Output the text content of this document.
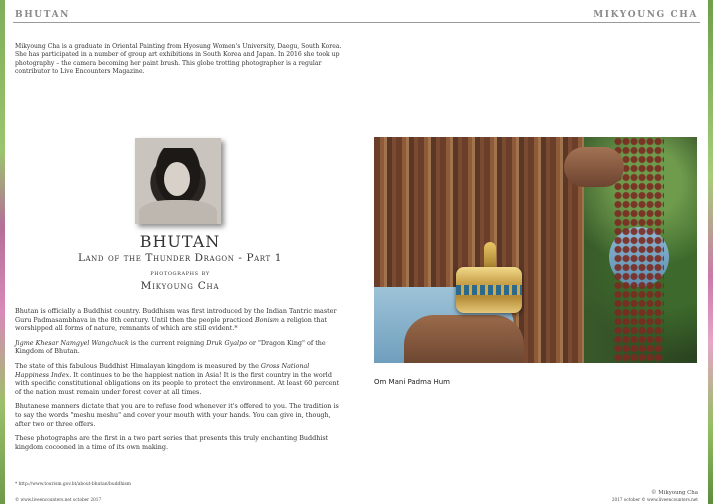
BHUTAN	MIKYOUNG CHA

Mikyoung Cha is a graduate in Oriental Painting from Hyosung Women's University, Daegu, South Korea. She has participated in a number of group art exhibitions in South Korea and Japan. In 2016 she took up photography – the camera becoming her paint brush. This globe trotting photographer is a regular contributor to Live Encounters Magazine.

BHUTAN
Land of the Thunder Dragon - Part 1
photographs by
Mikyoung Cha

Bhutan is officially a Buddhist country. Buddhism was first introduced by the Indian Tantric master Guru Padmasambhava in the 8th century. Until then the people practiced Bonism a religion that worshipped all forms of nature, remnants of which are still evident.*

Jigme Khesar Namgyel Wangchuck is the current reigning Druk Gyalpo or "Dragon King" of the Kingdom of Bhutan.

The state of this fabulous Buddhist Himalayan kingdom is measured by the Gross National Happiness Index. It continues to be the happiest nation in Asia! It is the first country in the world with specific constitutional obligations on its people to protect the environment. At least 60 percent of the nation must remain under forest cover at all times.

Bhutanese manners dictate that you are to refuse food whenever it's offered to you. The tradition is to say the words "meshu meshu" and cover your mouth with your hands. You can give in, though, after two or three offers.

These photographs are the first in a two part series that presents this truly enchanting Buddhist kingdom cocooned in a time of its own making.

* http://www.tourism.gov.bt/about-bhutan/buddhism
© www.liveencounters.net october 2017
© Mikyoung Cha
2017 october © www.liveencounters.net
Om Mani Padma Hum
